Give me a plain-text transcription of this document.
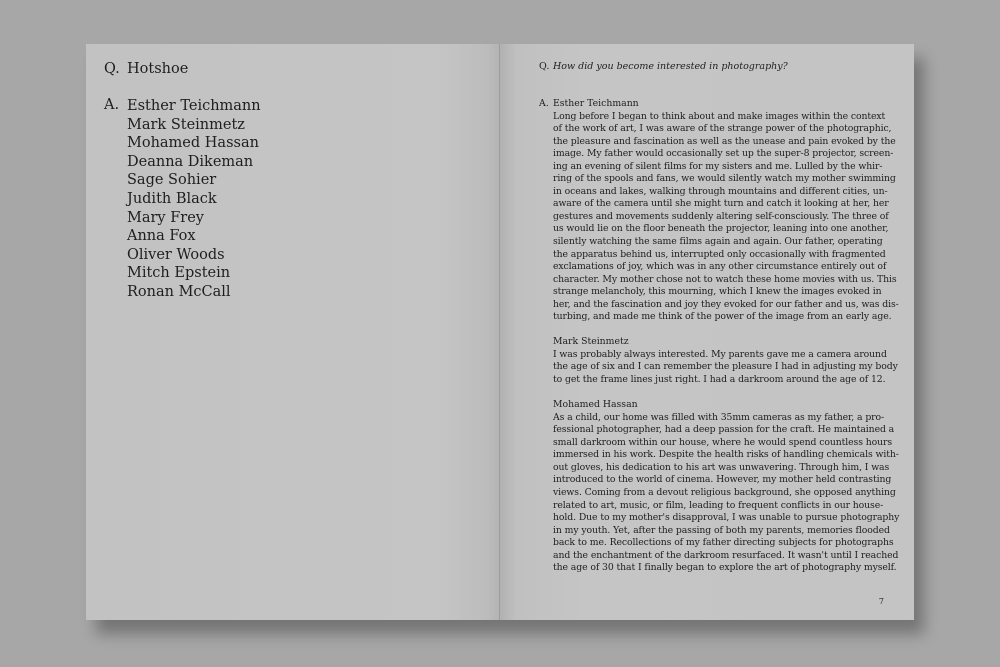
Q. Hotshoe
A. Esther Teichmann
Mark Steinmetz
Mohamed Hassan
Deanna Dikeman
Sage Sohier
Judith Black
Mary Frey
Anna Fox
Oliver Woods
Mitch Epstein
Ronan McCall
Q. How did you become interested in photography?
A. Esther Teichmann

Long before I began to think about and make images within the context

of the work of art, I was aware of the strange power of the photographic,

the pleasure and fascination as well as the unease and pain evoked by the

image. My father would occasionally set up the super-8 projector, screen-

ing an evening of silent films for my sisters and me. Lulled by the whir-

ring of the spools and fans, we would silently watch my mother swimming

in oceans and lakes, walking through mountains and different cities, un-

aware of the camera until she might turn and catch it looking at her, her

gestures and movements suddenly altering self-consciously. The three of

us would lie on the floor beneath the projector, leaning into one another,

silently watching the same films again and again. Our father, operating

the apparatus behind us, interrupted only occasionally with fragmented

exclamations of joy, which was in any other circumstance entirely out of

character. My mother chose not to watch these home movies with us. This

strange melancholy, this mourning, which I knew the images evoked in

her, and the fascination and joy they evoked for our father and us, was dis-

turbing, and made me think of the power of the image from an early age.

Mark Steinmetz

I was probably always interested. My parents gave me a camera around

the age of six and I can remember the pleasure I had in adjusting my body

to get the frame lines just right. I had a darkroom around the age of 12.

Mohamed Hassan

As a child, our home was filled with 35mm cameras as my father, a pro-

fessional photographer, had a deep passion for the craft. He maintained a

small darkroom within our house, where he would spend countless hours

immersed in his work. Despite the health risks of handling chemicals with-

out gloves, his dedication to his art was unwavering. Through him, I was

introduced to the world of cinema. However, my mother held contrasting

views. Coming from a devout religious background, she opposed anything

related to art, music, or film, leading to frequent conflicts in our house-

hold. Due to my mother's disapproval, I was unable to pursue photography

in my youth. Yet, after the passing of both my parents, memories flooded

back to me. Recollections of my father directing subjects for photographs

and the enchantment of the darkroom resurfaced. It wasn't until I reached

the age of 30 that I finally began to explore the art of photography myself.

7
